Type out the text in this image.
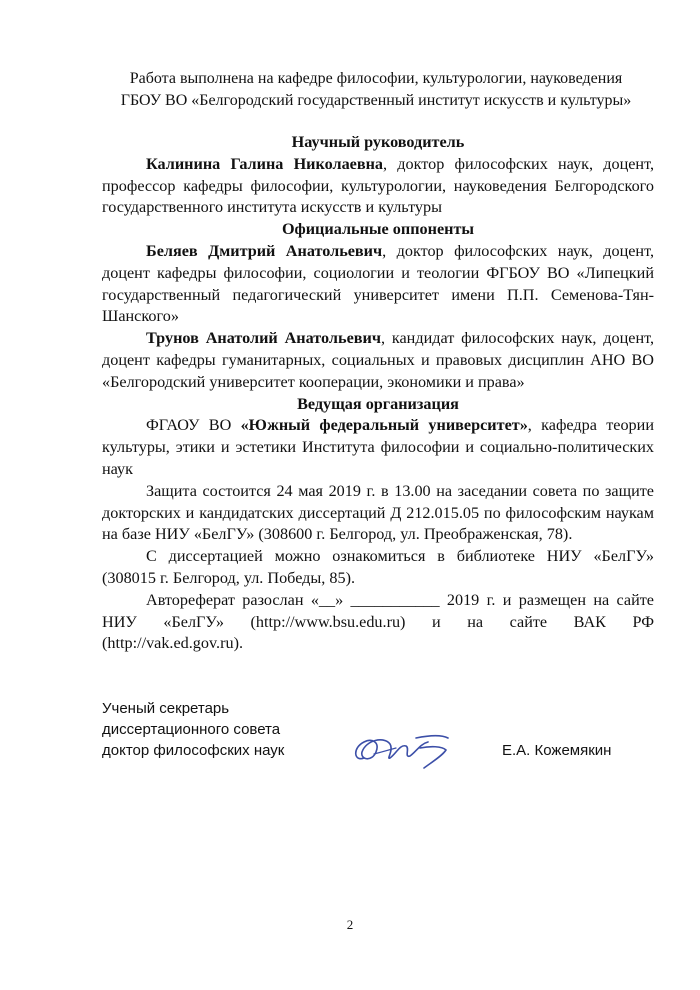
Работа выполнена на кафедре философии, культурологии, науковедения
ГБОУ ВО «Белгородский государственный институт искусств и культуры»

Научный руководитель

Калинина Галина Николаевна, доктор философских наук, доцент, профессор кафедры философии, культурологии, науковедения Белгородского государственного института искусств и культуры

Официальные оппоненты

Беляев Дмитрий Анатольевич, доктор философских наук, доцент, доцент кафедры философии, социологии и теологии ФГБОУ ВО «Липецкий государственный педагогический университет имени П.П. Семенова-Тян-Шанского»

Трунов Анатолий Анатольевич, кандидат философских наук, доцент, доцент кафедры гуманитарных, социальных и правовых дисциплин АНО ВО «Белгородский университет кооперации, экономики и права»

Ведущая организация

ФГАОУ ВО «Южный федеральный университет», кафедра теории культуры, этики и эстетики Института философии и социально-политических наук

Защита состоится 24 мая 2019 г. в 13.00 на заседании совета по защите докторских и кандидатских диссертаций Д 212.015.05 по философским наукам на базе НИУ «БелГУ» (308600 г. Белгород, ул. Преображенская, 78).

С диссертацией можно ознакомиться в библиотеке НИУ «БелГУ» (308015 г. Белгород, ул. Победы, 85).

Автореферат разослан «__» ___________ 2019 г. и размещен на сайте

НИУ «БелГУ» (http://www.bsu.edu.ru) и на сайте ВАК РФ

(http://vak.ed.gov.ru).

Ученый секретарь
диссертационного совета
доктор философских наук	Е.А. Кожемякин
2
